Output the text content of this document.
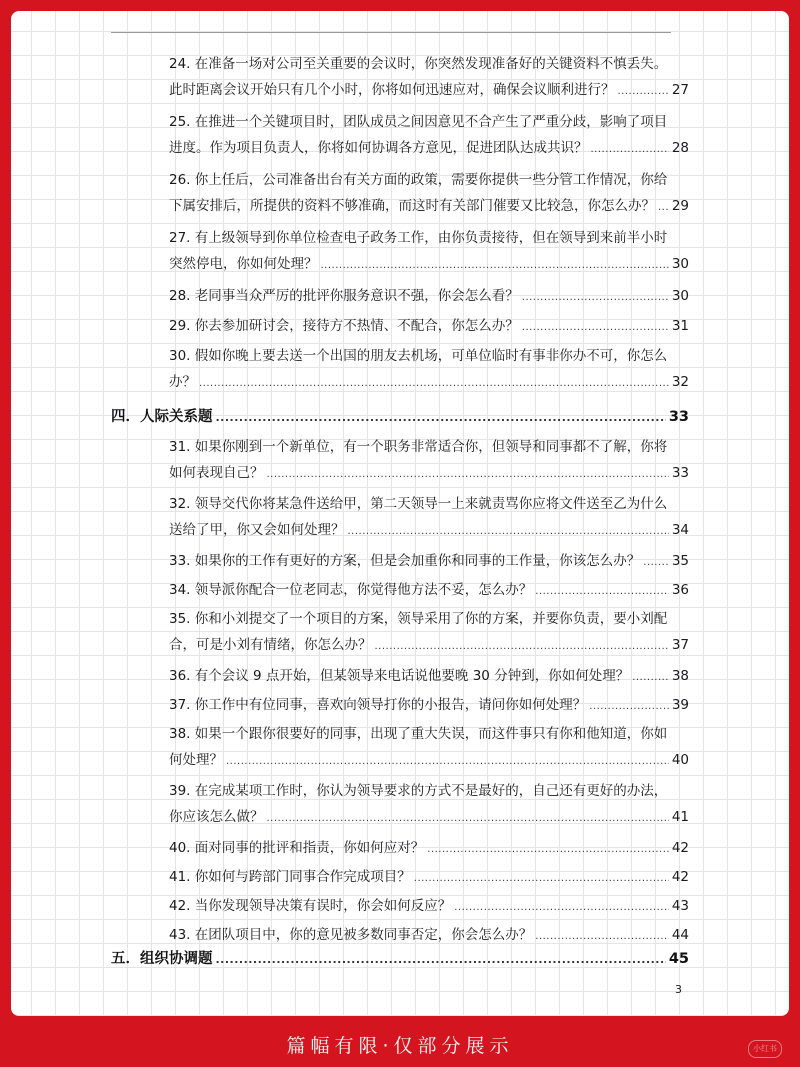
24. 在准备一场对公司至关重要的会议时，你突然发现准备好的关键资料不慎丢失。
此时距离会议开始只有几个小时，你将如何迅速应对，确保会议顺利进行？ .....	27
25. 在推进一个关键项目时，团队成员之间因意见不合产生了严重分歧，影响了项目
进度。作为项目负责人，你将如何协调各方意见，促进团队达成共识？ .....	28
26. 你上任后，公司准备出台有关方面的政策，需要你提供一些分管工作情况，你给
下属安排后，所提供的资料不够准确，而这时有关部门催要又比较急，你怎么办？ ..... 29
27. 有上级领导到你单位检查电子政务工作，由你负责接待，但在领导到来前半小时
突然停电，你如何处理？ .....	30
28. 老同事当众严厉的批评你服务意识不强，你会怎么看？ .....	30
29. 你去参加研讨会，接待方不热情、不配合，你怎么办？ .....	31
30. 假如你晚上要去送一个出国的朋友去机场，可单位临时有事非你办不可，你怎么
办？ .....	32
四．人际关系题 .....	33
31. 如果你刚到一个新单位，有一个职务非常适合你，但领导和同事都不了解，你将
如何表现自己？ .....	33
32. 领导交代你将某急件送给甲，第二天领导一上来就责骂你应将文件送至乙为什么
送给了甲，你又会如何处理？ .....	34
33. 如果你的工作有更好的方案，但是会加重你和同事的工作量，你该怎么办？ ..... 35
34. 领导派你配合一位老同志，你觉得他方法不妥，怎么办？ .....	36
35. 你和小刘提交了一个项目的方案，领导采用了你的方案，并要你负责，要小刘配
合，可是小刘有情绪，你怎么办？ .....	37
36. 有个会议 9 点开始，但某领导来电话说他要晚 30 分钟到，你如何处理？ .....	38
37. 你工作中有位同事，喜欢向领导打你的小报告，请问你如何处理？ .....	39
38. 如果一个跟你很要好的同事，出现了重大失误，而这件事只有你和他知道，你如
何处理？ .....	40
39. 在完成某项工作时，你认为领导要求的方式不是最好的，自己还有更好的办法，
你应该怎么做？ .....	41
40. 面对同事的批评和指责，你如何应对？ .....	42
41. 你如何与跨部门同事合作完成项目？ .....	42
42. 当你发现领导决策有误时，你会如何反应？ .....	43
43. 在团队项目中，你的意见被多数同事否定，你会怎么办？ .....	44
五．组织协调题 .....	45
3
篇幅有限·仅部分展示	小红书
